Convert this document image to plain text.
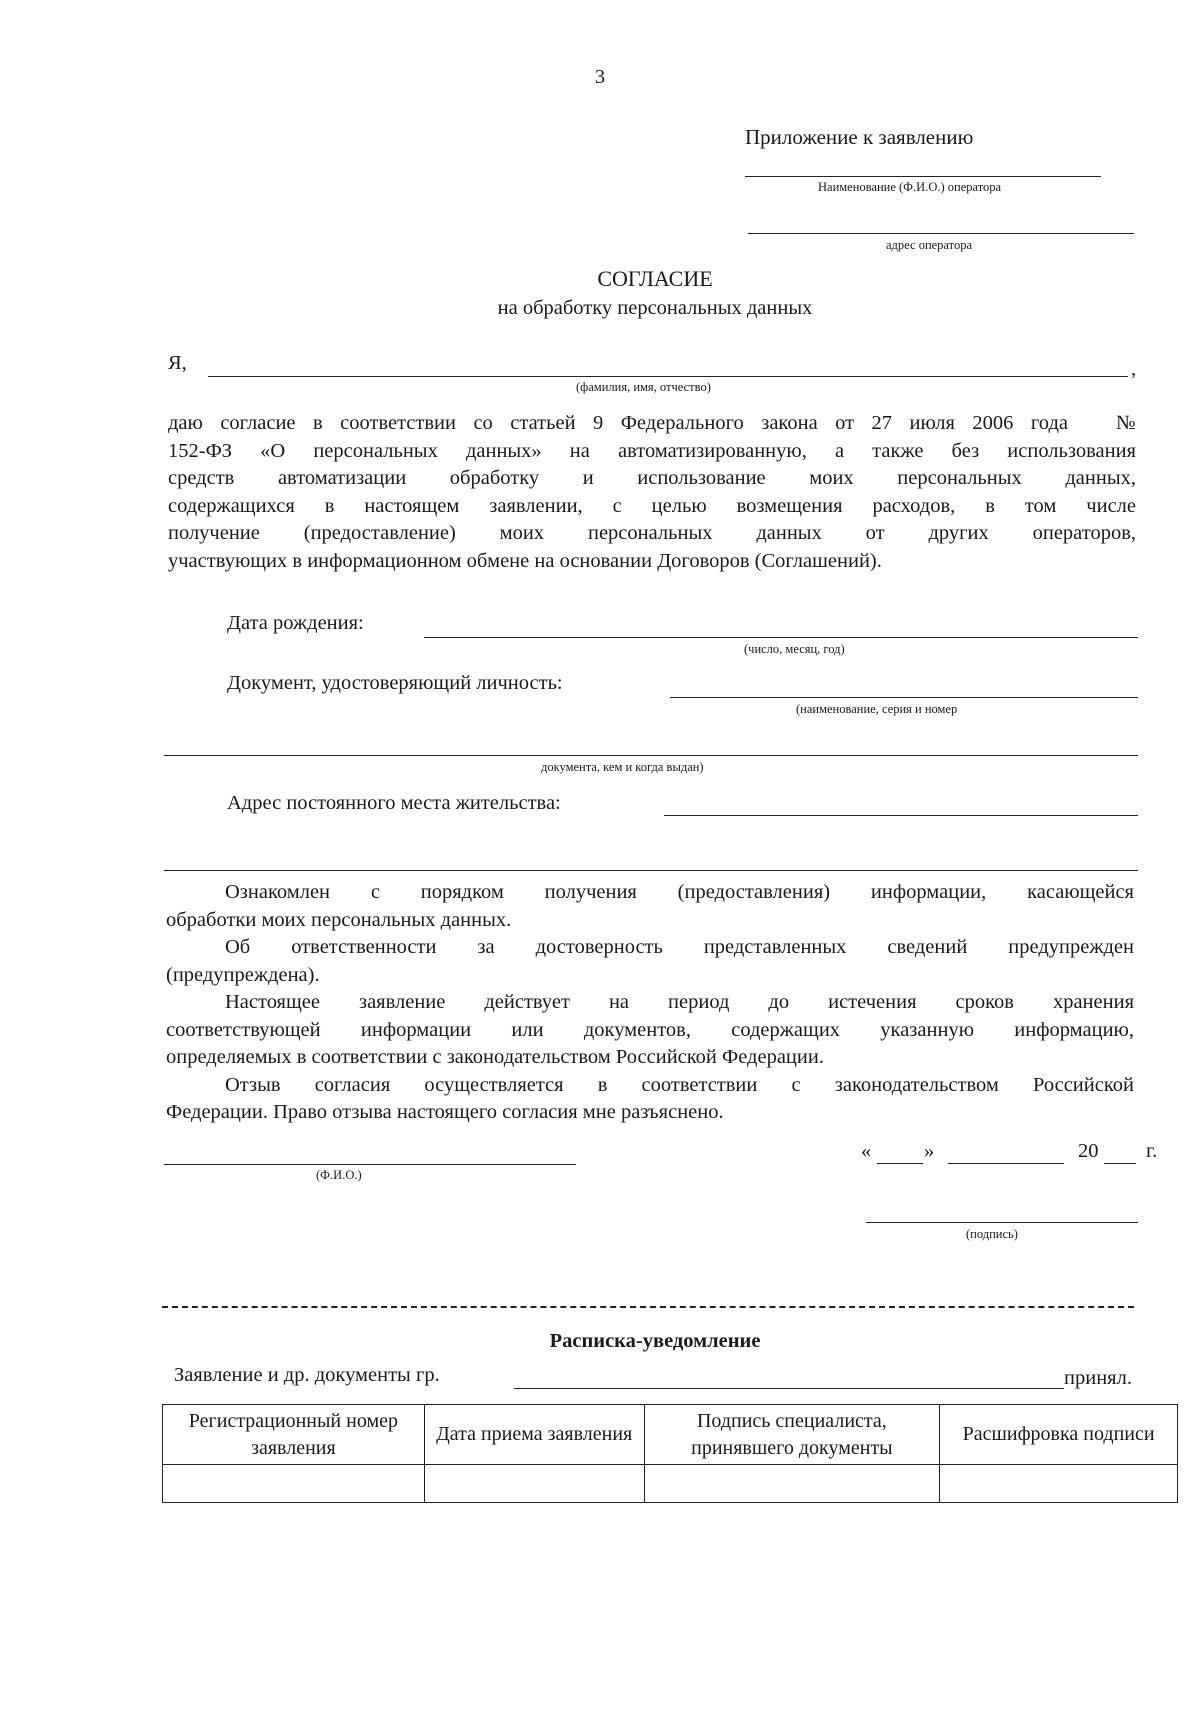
3
Приложение к заявлению
Наименование (Ф.И.О.) оператора
адрес оператора
СОГЛАСИЕ
на обработку персональных данных
Я,	,
(фамилия, имя, отчество)
даю согласие в соответствии со статьей 9 Федерального закона от 27 июля 2006 года №
152-ФЗ «О персональных данных» на автоматизированную, а также без использования
средств автоматизации обработку и использование моих персональных данных,
содержащихся в настоящем заявлении, с целью возмещения расходов, в том числе
получение (предоставление) моих персональных данных от других операторов,
участвующих в информационном обмене на основании Договоров (Соглашений).
Дата рождения:
(число, месяц, год)
Документ, удостоверяющий личность:
(наименование, серия и номер
документа, кем и когда выдан)
Адрес постоянного места жительства:
Ознакомлен с порядком получения (предоставления) информации, касающейся
обработки моих персональных данных.
Об ответственности за достоверность представленных сведений предупрежден
(предупреждена).
Настоящее заявление действует на период до истечения сроков хранения
соответствующей информации или документов, содержащих указанную информацию,
определяемых в соответствии с законодательством Российской Федерации.
Отзыв согласия осуществляется в соответствии с законодательством Российской
Федерации. Право отзыва настоящего согласия мне разъяснено.
(Ф.И.О.)
«	»	20 г.
(подпись)
Расписка-уведомление
Заявление и др. документы гр.	принял.
Регистрационный номер заявления	Дата приема заявления	Подпись специалиста, принявшего документы	Расшифровка подписи
